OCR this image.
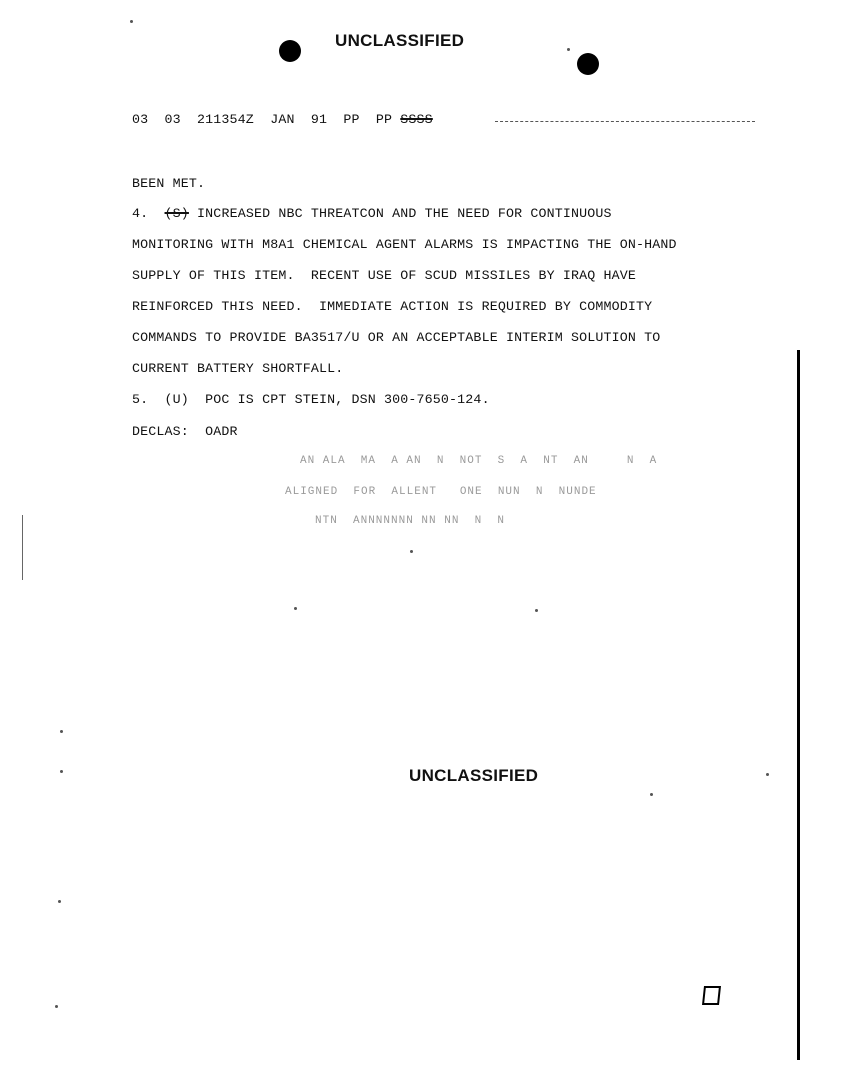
UNCLASSIFIED
03  03  211354Z  JAN  91  PP  PP SSSS
BEEN MET.
4.  (S) INCREASED NBC THREATCON AND THE NEED FOR CONTINUOUS
MONITORING WITH M8A1 CHEMICAL AGENT ALARMS IS IMPACTING THE ON-HAND
SUPPLY OF THIS ITEM.  RECENT USE OF SCUD MISSILES BY IRAQ HAVE
REINFORCED THIS NEED.  IMMEDIATE ACTION IS REQUIRED BY COMMODITY
COMMANDS TO PROVIDE BA3517/U OR AN ACCEPTABLE INTERIM SOLUTION TO
CURRENT BATTERY SHORTFALL.
5.  (U)  POC IS CPT STEIN, DSN 300-7650-124.
DECLAS:  OADR
AN ALA  MA  A AN  N  NOT  S  A  NT  AN     N  A
ALIGNED  FOR  ALLENT   ONE  NUN  N  NUNDE
NTN  ANNNNNNN NN NN  N  N
UNCLASSIFIED
